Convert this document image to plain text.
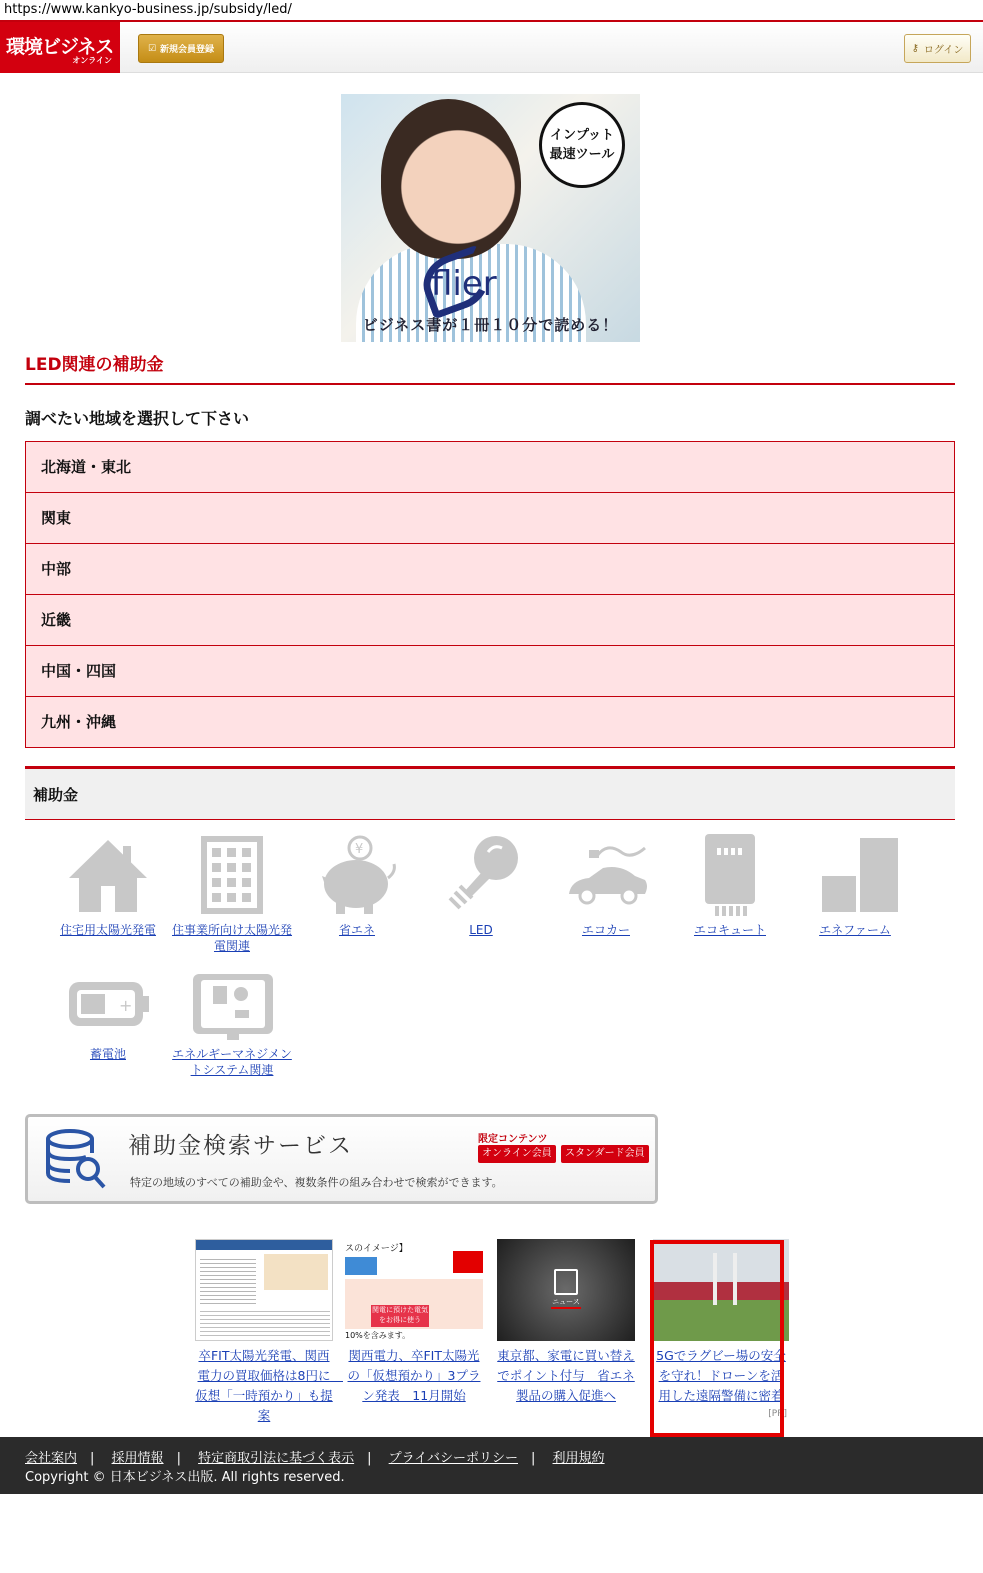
https://www.kankyo-business.jp/subsidy/led/
環境ビジネス
オンライン
☑ 新規会員登録	⚷ ログイン
インプット
最速ツール
flier
ビジネス書が１冊１０分で読める！
LED関連の補助金
調べたい地域を選択して下さい
北海道・東北
関東
中部
近畿
中国・四国
九州・沖縄
補助金
住宅用太陽光発電	住事業所向け太陽光発電関連
¥
省エネ	LED	エコカー	エコキュート	エネファーム
+
蓄電池	エネルギーマネジメントシステム関連
補助金検索サービス
特定の地域のすべての補助金や、複数条件の組み合わせで検索ができます。
限定コンテンツ
オンライン会員	スタンダード会員
卒FIT太陽光発電、関西電力の買取価格は8円に　仮想「一時預かり」も提案
スのイメージ】
関電に預けた電気をお得に使う
10%を含みます。
関西電力、卒FIT太陽光の「仮想預かり」3プラン発表　11月開始
ニュース
東京都、家電に買い替えでポイント付与　省エネ製品の購入促進へ
5Gでラグビー場の安全を守れ！ドローンを活用した遠隔警備に密着
[PR]
会社案内 | 採用情報 | 特定商取引法に基づく表示 | プライバシーポリシー | 利用規約
Copyright © 日本ビジネス出版. All rights reserved.
